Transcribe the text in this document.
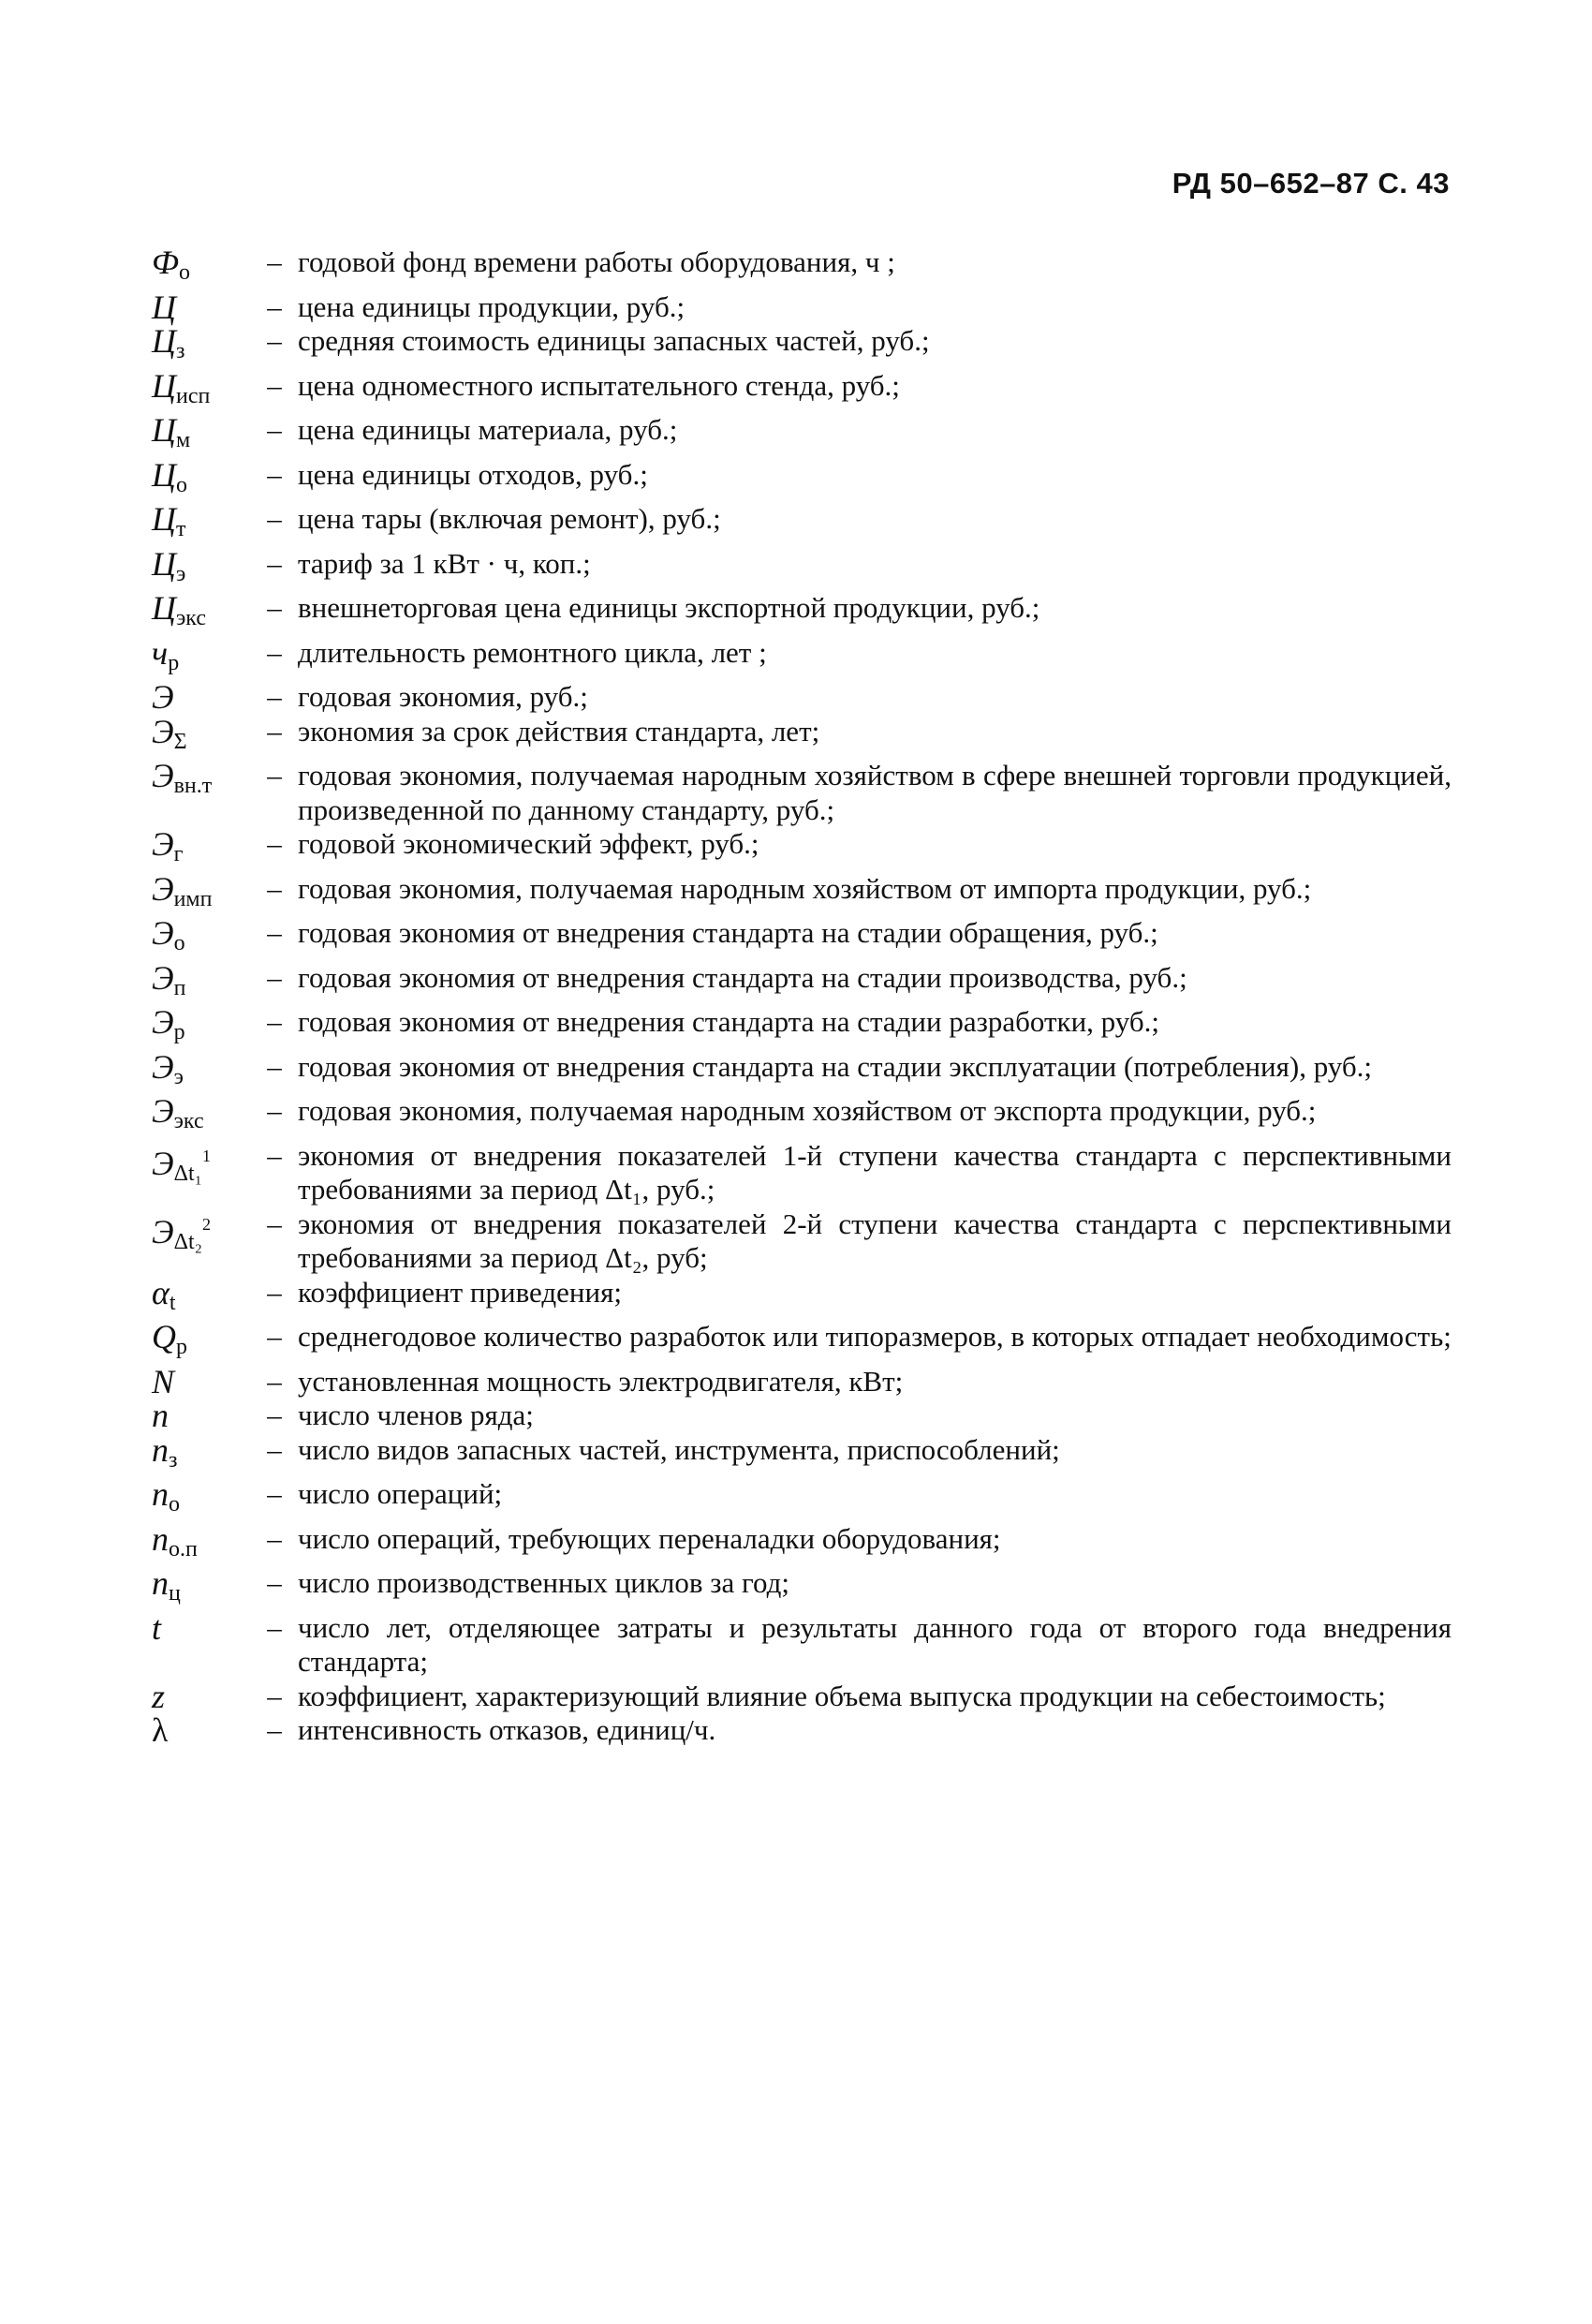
РД 50–652–87 С. 43
$Ф_о$	– годовой фонд времени работы оборудования, ч ;
Ц	– цена единицы продукции, руб.;
$Ц_з$	– средняя стоимость единицы запасных частей, руб.;
$Ц_{исп}$	– цена одноместного испытательного стенда, руб.;
$Ц_м$	– цена единицы материала, руб.;
$Ц_о$	– цена единицы отходов, руб.;
$Ц_т$	– цена тары (включая ремонт), руб.;
$Ц_э$	– тариф за 1 кВт · ч, коп.;
$Ц_{экс}$	– внешнеторговая цена единицы экспортной продукции, руб.;
$ч_р$	– длительность ремонтного цикла, лет ;
Э	– годовая экономия, руб.;
$Э_\Sigma$	– экономия за срок действия стандарта, лет;
$Э_{вн.т}$	– годовая экономия, получаемая народным хозяйством в сфере внешней торговли продукцией, произведенной по данному стандарту, руб.;
$Э_г$	– годовой экономический эффект, руб.;
$Э_{имп}$	– годовая экономия, получаемая народным хозяйством от импорта продукции, руб.;
$Э_о$	– годовая экономия от внедрения стандарта на стадии обращения, руб.;
$Э_п$	– годовая экономия от внедрения стандарта на стадии производства, руб.;
$Э_р$	– годовая экономия от внедрения стандарта на стадии разработки, руб.;
$Э_э$	– годовая экономия от внедрения стандарта на стадии эксплуатации (потребления), руб.;
$Э_{экс}$	– годовая экономия, получаемая народным хозяйством от экспорта продукции, руб.;
$Э_{\Delta t_1}^1$	– экономия от внедрения показателей 1-й ступени качества стандарта с перспективными требованиями за период Δt₁, руб.;
$Э_{\Delta t_2}^2$	– экономия от внедрения показателей 2-й ступени качества стандарта с перспективными требованиями за период Δt₂, руб;
$\alpha_t$	– коэффициент приведения;
$Q_р$	– среднегодовое количество разработок или типоразмеров, в которых отпадает необходимость;
N	– установленная мощность электродвигателя, кВт;
n	– число членов ряда;
$n_з$	– число видов запасных частей, инструмента, приспособлений;
$n_о$	– число операций;
$n_{о.п}$	– число операций, требующих переналадки оборудования;
$n_ц$	– число производственных циклов за год;
t	– число лет, отделяющее затраты и результаты данного года от второго года внедрения стандарта;
z	– коэффициент, характеризующий влияние объема выпуска продукции на себестоимость;
λ	– интенсивность отказов, единиц/ч.
